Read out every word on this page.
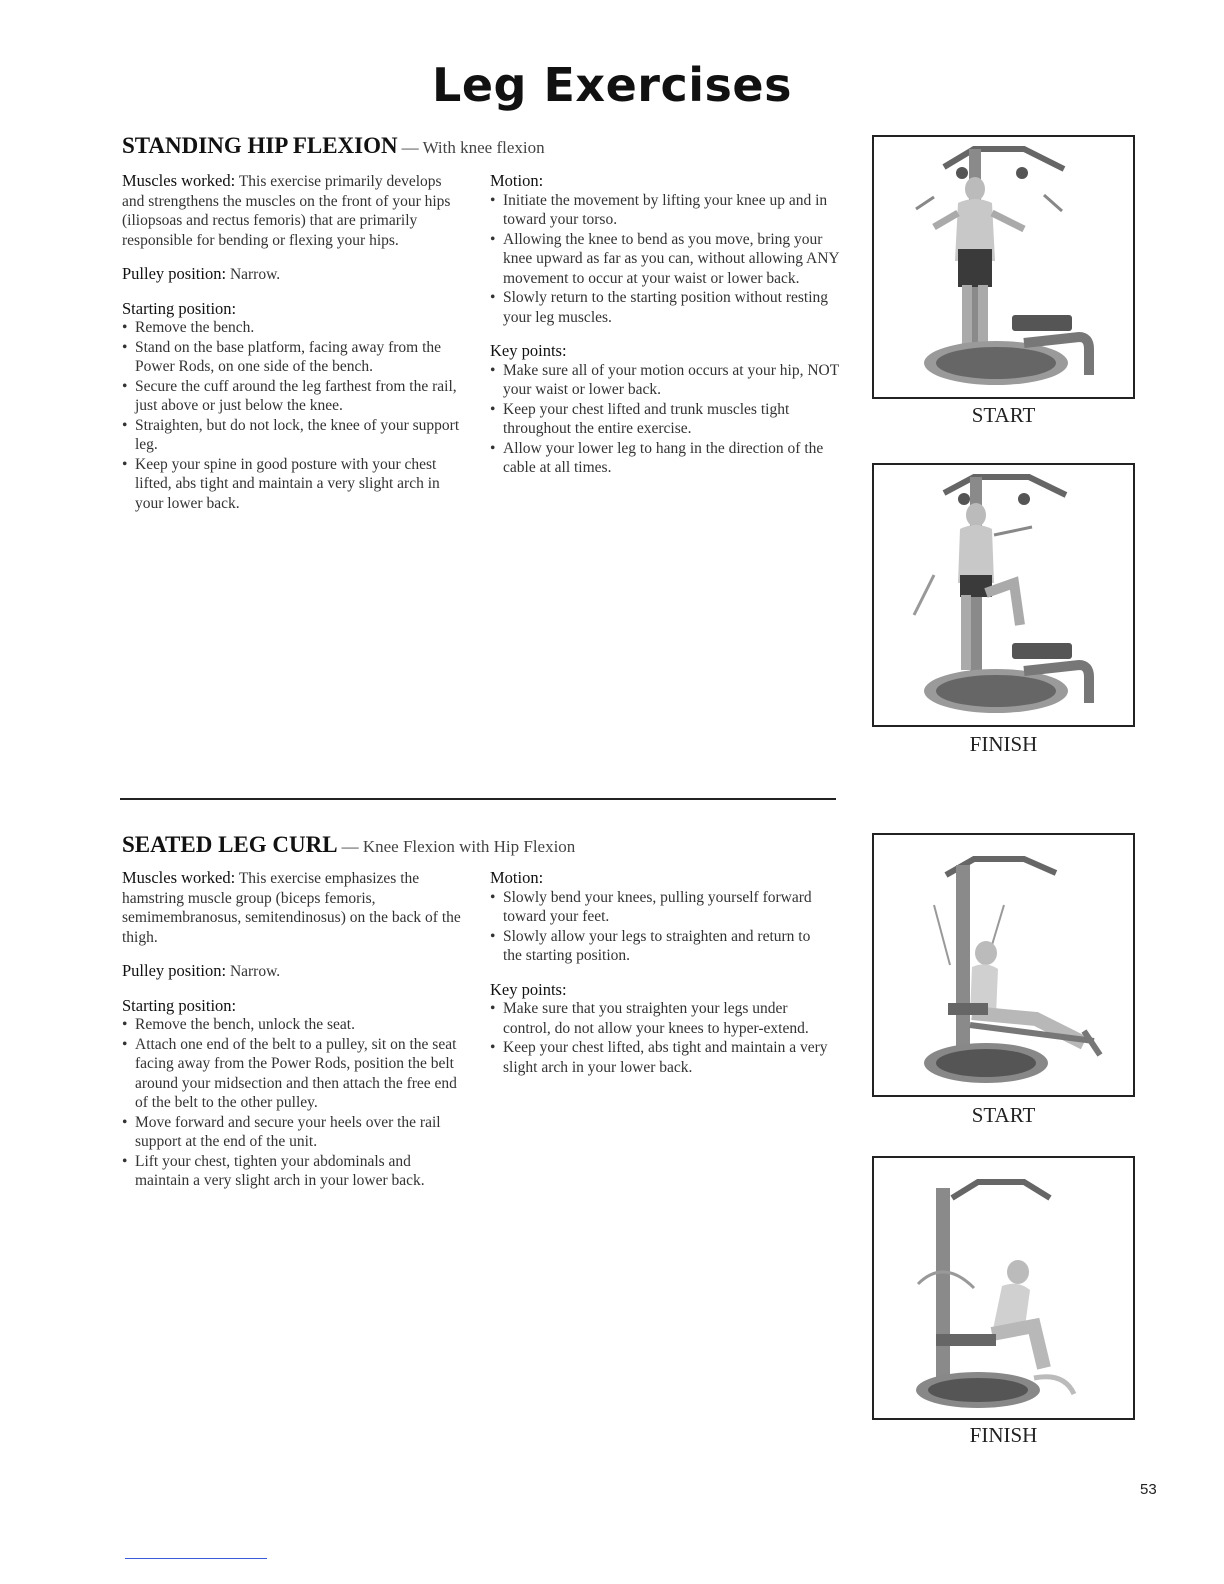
Leg Exercises
STANDING HIP FLEXION — With knee flexion

Muscles worked: This exercise primarily develops and strengthens the muscles on the front of your hips (iliopsoas and rectus femoris) that are primarily responsible for bending or flexing your hips.

Pulley position: Narrow.

Starting position:
• Remove the bench.
• Stand on the base platform, facing away from the Power Rods, on one side of the bench.
• Secure the cuff around the leg farthest from the rail, just above or just below the knee.
• Straighten, but do not lock, the knee of your support leg.
• Keep your spine in good posture with your chest lifted, abs tight and maintain a very slight arch in your lower back.
Motion:
• Initiate the movement by lifting your knee up and in toward your torso.
• Allowing the knee to bend as you move, bring your knee upward as far as you can, without allowing ANY movement to occur at your waist or lower back.
• Slowly return to the starting position without resting your leg muscles.
Key points:
• Make sure all of your motion occurs at your hip, NOT your waist or lower back.
• Keep your chest lifted and trunk muscles tight throughout the entire exercise.
• Allow your lower leg to hang in the direction of the cable at all times.
START
FINISH
SEATED LEG CURL — Knee Flexion with Hip Flexion

Muscles worked: This exercise emphasizes the hamstring muscle group (biceps femoris, semimembranosus, semitendinosus) on the back of the thigh.

Pulley position: Narrow.

Starting position:
• Remove the bench, unlock the seat.
• Attach one end of the belt to a pulley, sit on the seat facing away from the Power Rods, position the belt around your midsection and then attach the free end of the belt to the other pulley.
• Move forward and secure your heels over the rail support at the end of the unit.
• Lift your chest, tighten your abdominals and maintain a very slight arch in your lower back.
Motion:
• Slowly bend your knees, pulling yourself forward toward your feet.
• Slowly allow your legs to straighten and return to the starting position.
Key points:
• Make sure that you straighten your legs under control, do not allow your knees to hyper-extend.
• Keep your chest lifted, abs tight and maintain a very slight arch in your lower back.
START
FINISH
53
